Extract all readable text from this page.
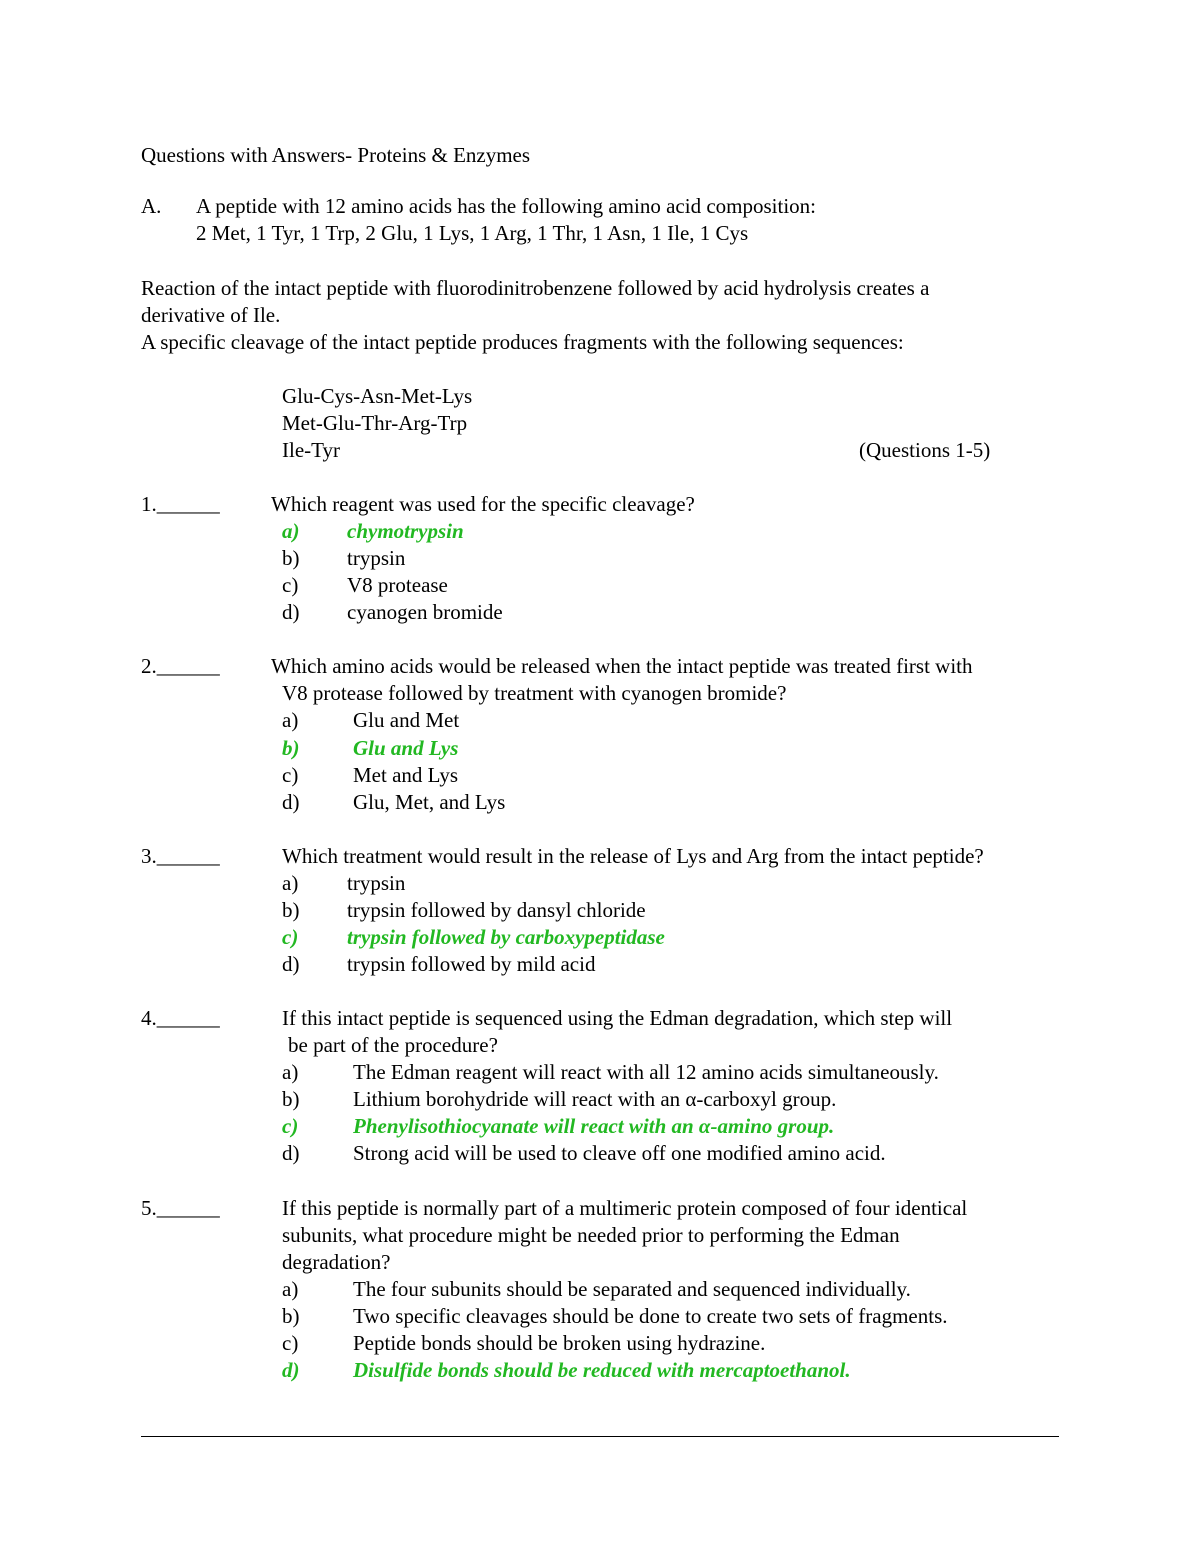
Questions with Answers- Proteins & Enzymes
A. A peptide with 12 amino acids has the following amino acid composition:
2 Met, 1 Tyr, 1 Trp, 2 Glu, 1 Lys, 1 Arg, 1 Thr, 1 Asn, 1 Ile, 1 Cys
Reaction of the intact peptide with fluorodinitrobenzene followed by acid hydrolysis creates a
derivative of Ile.
A specific cleavage of the intact peptide produces fragments with the following sequences:
Glu-Cys-Asn-Met-Lys
Met-Glu-Thr-Arg-Trp
Ile-Tyr	(Questions 1-5)
1.______ Which reagent was used for the specific cleavage?
a) chymotrypsin
b) trypsin
c) V8 protease
d) cyanogen bromide
2.______ Which amino acids would be released when the intact peptide was treated first with
V8 protease followed by treatment with cyanogen bromide?
a)	Glu and Met
b)	Glu and Lys
c)	Met and Lys
d)	Glu, Met, and Lys
3.______	Which treatment would result in the release of Lys and Arg from the intact peptide?
a) trypsin
b) trypsin followed by dansyl chloride
c) trypsin followed by carboxypeptidase
d) trypsin followed by mild acid
4.______	If this intact peptide is sequenced using the Edman degradation, which step will
be part of the procedure?
a)	The Edman reagent will react with all 12 amino acids simultaneously.
b)	Lithium borohydride will react with an α-carboxyl group.
c)	Phenylisothiocyanate will react with an α-amino group.
d)	Strong acid will be used to cleave off one modified amino acid.
5.______	If this peptide is normally part of a multimeric protein composed of four identical
subunits, what procedure might be needed prior to performing the Edman
degradation?
a)	The four subunits should be separated and sequenced individually.
b)	Two specific cleavages should be done to create two sets of fragments.
c)	Peptide bonds should be broken using hydrazine.
d)	Disulfide bonds should be reduced with mercaptoethanol.
